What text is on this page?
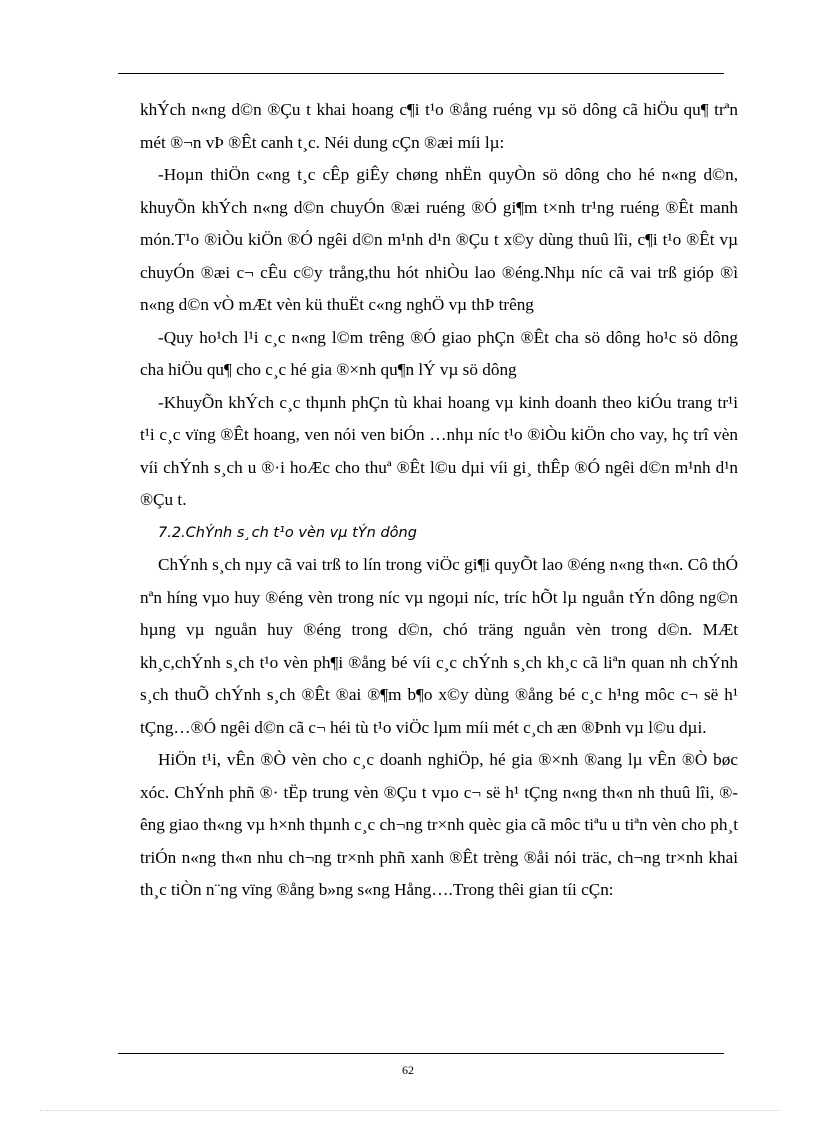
khÝch n«ng d©n ®Çu t khai hoang c¶i t¹o ®ång ruéng vµ sö dông cã hiÖu qu¶ trªn mét ®¬n vÞ ®Êt canh t¸c. Néi dung cÇn ®æi míi lµ:

-Hoµn thiÖn c«ng t¸c cÊp giÊy chøng nhËn quyÒn sö dông cho hé n«ng d©n, khuyÕn khÝch n«ng d©n chuyÓn ®æi ruéng ®Ó gi¶m t×nh tr¹ng ruéng ®Êt manh món.T¹o ®iÒu kiÖn ®Ó ngêi d©n m¹nh d¹n ®Çu t x©y dùng thuû lîi, c¶i t¹o ®Êt vµ chuyÓn ®æi c¬ cÊu c©y trång,thu hót nhiÒu lao ®éng.Nhµ níc cã vai trß gióp ®ì n«ng d©n vÒ mÆt vèn kü thuËt c«ng nghÖ vµ thÞ trêng

-Quy ho¹ch l¹i c¸c n«ng l©m trêng ®Ó giao phÇn ®Êt cha sö dông ho¹c sö dông cha hiÖu qu¶ cho c¸c hé gia ®×nh qu¶n lÝ vµ sö dông

-KhuyÕn khÝch c¸c thµnh phÇn tù khai hoang vµ kinh doanh theo kiÓu trang tr¹i t¹i c¸c vïng ®Êt hoang, ven nói ven biÓn …nhµ níc t¹o ®iÒu kiÖn cho vay, hç trî vèn víi chÝnh s¸ch u ®·i hoÆc cho thuª ®Êt l©u dµi víi gi¸ thÊp ®Ó ngêi d©n m¹nh d¹n ®Çu t.

7.2.ChÝnh s¸ch t¹o vèn vµ tÝn dông

ChÝnh s¸ch nµy cã vai trß to lín trong viÖc gi¶i quyÕt lao ®éng n«ng th«n. Cô thÓ nªn híng vµo huy ®éng vèn trong níc vµ ngoµi níc, tríc hÕt lµ nguån tÝn dông ng©n hµng vµ nguån huy ®éng trong d©n, chó träng nguån vèn trong d©n. MÆt kh¸c,chÝnh s¸ch t¹o vèn ph¶i ®ång bé víi c¸c chÝnh s¸ch kh¸c cã liªn quan nh chÝnh s¸ch thuÕ chÝnh s¸ch ®Êt ®ai ®¶m b¶o x©y dùng ®ång bé c¸c h¹ng môc c¬ së h¹ tÇng…®Ó ngêi d©n cã c¬ héi tù t¹o viÖc lµm míi mét c¸ch æn ®Þnh vµ l©u dµi.

HiÖn t¹i, vÊn ®Ò vèn cho c¸c doanh nghiÖp, hé gia ®×nh ®ang lµ vÊn ®Ò bøc xóc. ChÝnh phñ ®· tËp trung vèn ®Çu t vµo c¬ së h¹ tÇng n«ng th«n nh thuû lîi, ®êng giao th«ng vµ h×nh thµnh c¸c ch¬ng tr×nh quèc gia cã môc tiªu u tiªn vèn cho ph¸t triÓn n«ng th«n nhu ch¬ng tr×nh phñ xanh ®Êt trèng ®åi nói träc, ch¬ng tr×nh khai th¸c tiÒn n¨ng vïng ®ång b»ng s«ng Hång….Trong thêi gian tíi cÇn:

62
